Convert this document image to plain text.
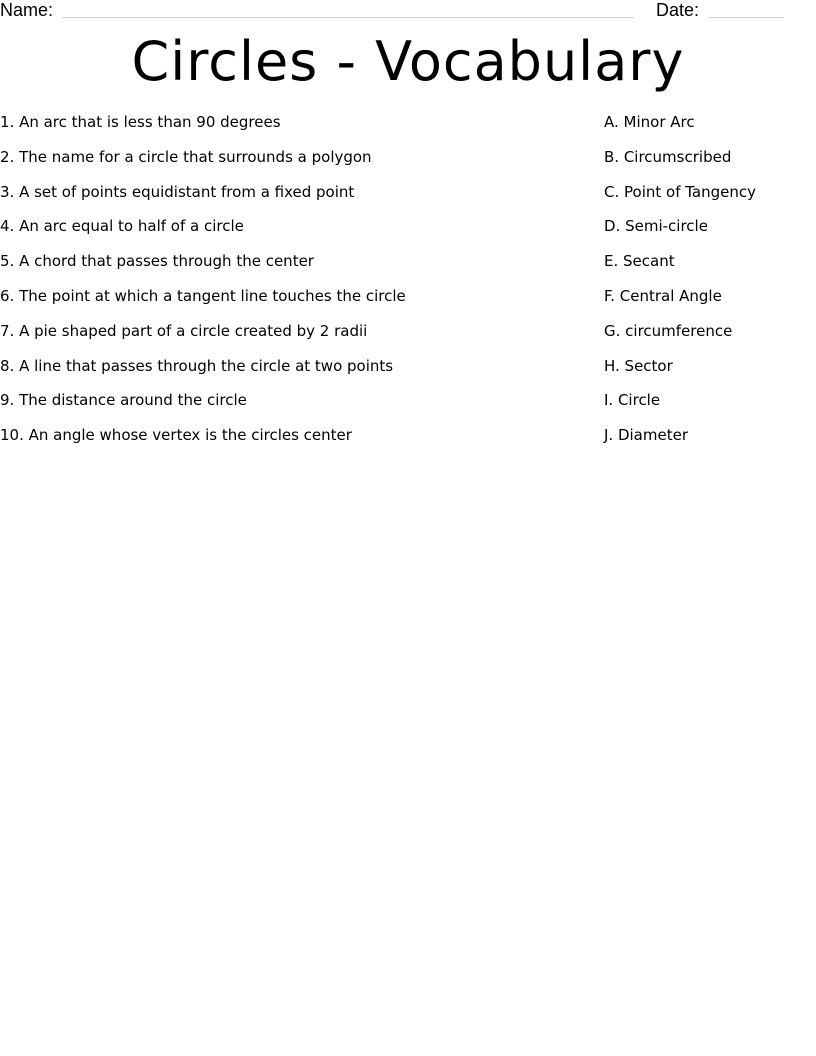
Name:	Date:
Circles - Vocabulary
1. An arc that is less than 90 degrees
2. The name for a circle that surrounds a polygon
3. A set of points equidistant from a fixed point
4. An arc equal to half of a circle
5. A chord that passes through the center
6. The point at which a tangent line touches the circle
7. A pie shaped part of a circle created by 2 radii
8. A line that passes through the circle at two points
9. The distance around the circle
10. An angle whose vertex is the circles center
A. Minor Arc
B. Circumscribed
C. Point of Tangency
D. Semi-circle
E. Secant
F. Central Angle
G. circumference
H. Sector
I. Circle
J. Diameter
